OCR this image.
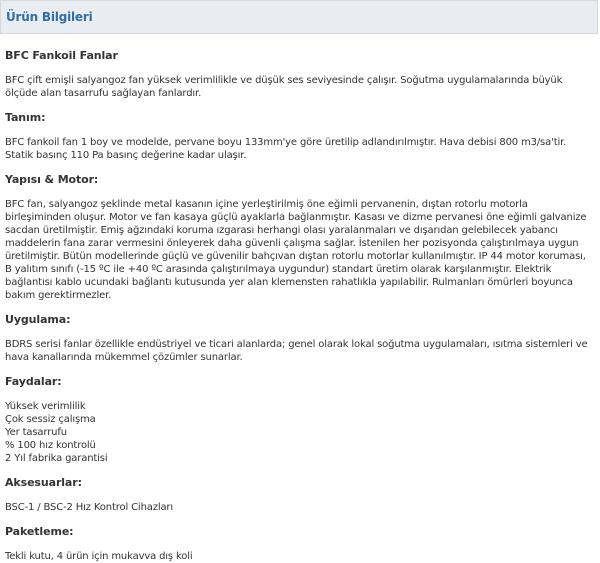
Ürün Bilgileri
BFC Fankoil Fanlar

BFC çift emişli salyangoz fan yüksek verimlilikle ve düşük ses seviyesinde çalışır. Soğutma uygulamalarında büyük ölçüde alan tasarrufu sağlayan fanlardır.

Tanım:

BFC fankoil fan 1 boy ve modelde, pervane boyu 133mm'ye göre üretilip adlandırılmıştır. Hava debisi 800 m3/sa'tir. Statik basınç 110 Pa basınç değerine kadar ulaşır.

Yapısı & Motor:

BFC fan, salyangoz şeklinde metal kasanın içine yerleştirilmiş öne eğimli pervanenin, dıştan rotorlu motorla birleşiminden oluşur. Motor ve fan kasaya güçlü ayaklarla bağlanmıştır. Kasası ve dizme pervanesi öne eğimli galvanize sacdan üretilmiştir. Emiş ağzındaki koruma ızgarası herhangi olası yaralanmaları ve dışarıdan gelebilecek yabancı maddelerin fana zarar vermesini önleyerek daha güvenli çalışma sağlar. İstenilen her pozisyonda çalıştırılmaya uygun üretilmiştir. Bütün modellerinde güçlü ve güvenilir bahçıvan dıştan rotorlu motorlar kullanılmıştır. IP 44 motor koruması, B yalıtım sınıfı (-15 ºC ile +40 ºC arasında çalıştırılmaya uygundur) standart üretim olarak karşılanmıştır. Elektrik bağlantısı kablo ucundaki bağlantı kutusunda yer alan klemensten rahatlıkla yapılabilir. Rulmanları ömürleri boyunca bakım gerektirmezler.

Uygulama:

BDRS serisi fanlar özellikle endüstriyel ve ticari alanlarda; genel olarak lokal soğutma uygulamaları, ısıtma sistemleri ve hava kanallarında mükemmel çözümler sunarlar.

Faydalar:
Yüksek verimlilik
Çok sessiz çalışma
Yer tasarrufu
% 100 hız kontrolü
2 Yıl fabrika garantisi
Aksesuarlar:

BSC-1 / BSC-2 Hız Kontrol Cihazları

Paketleme:

Tekli kutu, 4 ürün için mukavva dış koli
